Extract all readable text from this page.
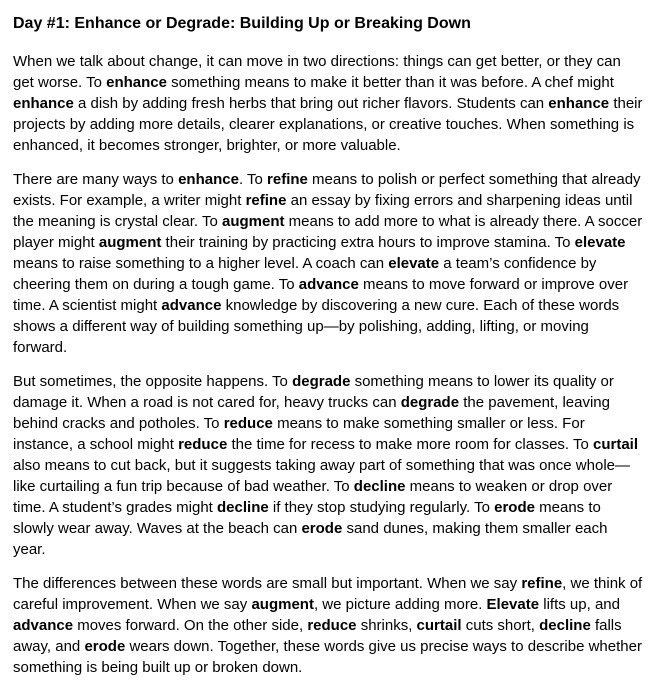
Day #1: Enhance or Degrade: Building Up or Breaking Down

When we talk about change, it can move in two directions: things can get better, or they can get worse. To enhance something means to make it better than it was before. A chef might enhance a dish by adding fresh herbs that bring out richer flavors. Students can enhance their projects by adding more details, clearer explanations, or creative touches. When something is enhanced, it becomes stronger, brighter, or more valuable.

There are many ways to enhance. To refine means to polish or perfect something that already exists. For example, a writer might refine an essay by fixing errors and sharpening ideas until the meaning is crystal clear. To augment means to add more to what is already there. A soccer player might augment their training by practicing extra hours to improve stamina. To elevate means to raise something to a higher level. A coach can elevate a team’s confidence by cheering them on during a tough game. To advance means to move forward or improve over time. A scientist might advance knowledge by discovering a new cure. Each of these words shows a different way of building something up—by polishing, adding, lifting, or moving forward.

But sometimes, the opposite happens. To degrade something means to lower its quality or damage it. When a road is not cared for, heavy trucks can degrade the pavement, leaving behind cracks and potholes. To reduce means to make something smaller or less. For instance, a school might reduce the time for recess to make more room for classes. To curtail also means to cut back, but it suggests taking away part of something that was once whole—like curtailing a fun trip because of bad weather. To decline means to weaken or drop over time. A student’s grades might decline if they stop studying regularly. To erode means to slowly wear away. Waves at the beach can erode sand dunes, making them smaller each year.

The differences between these words are small but important. When we say refine, we think of careful improvement. When we say augment, we picture adding more. Elevate lifts up, and advance moves forward. On the other side, reduce shrinks, curtail cuts short, decline falls away, and erode wears down. Together, these words give us precise ways to describe whether something is being built up or broken down.
